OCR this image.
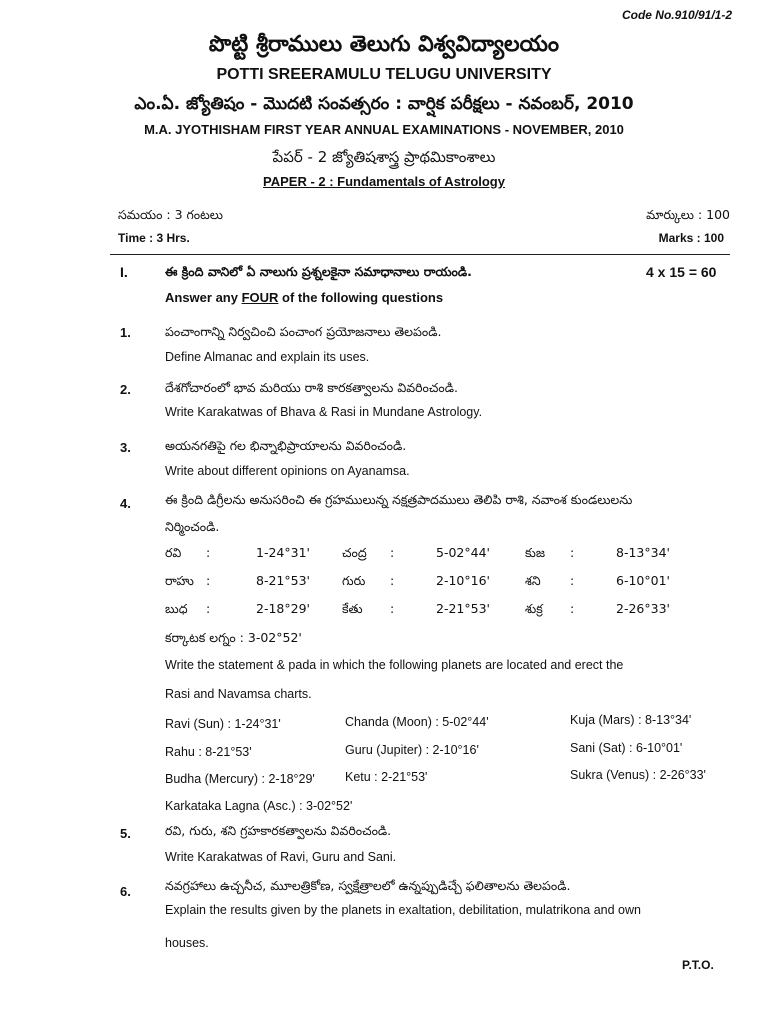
Code No.910/91/1-2
పొట్టి శ్రీరాములు తెలుగు విశ్వవిద్యాలయం
POTTI SREERAMULU TELUGU UNIVERSITY
ఎం.ఏ. జ్యోతిషం - మొదటి సంవత్సరం : వార్షిక పరీక్షలు - నవంబర్, 2010
M.A. JYOTHISHAM FIRST YEAR ANNUAL EXAMINATIONS - NOVEMBER, 2010
పేపర్ - 2 జ్యోతిషశాస్త్ర ప్రాథమికాంశాలు
PAPER - 2 : Fundamentals of Astrology
సమయం : 3 గంటలు
Time : 3 Hrs.
మార్కులు : 100
Marks : 100
I.	ఈ క్రింది వానిలో ఏ నాలుగు ప్రశ్నలకైనా సమాధానాలు రాయండి.	4 x 15 = 60
Answer any FOUR of the following questions
1.	పంచాంగాన్ని నిర్వచించి పంచాంగ ప్రయోజనాలు తెలపండి.
Define Almanac and explain its uses.
2.	దేశగోచారంలో భావ మరియు రాశి కారకత్వాలను వివరించండి.
Write Karakatwas of Bhava & Rasi in Mundane Astrology.
3.	అయనగతిపై గల భిన్నాభిప్రాయాలను వివరించండి.
Write about different opinions on Ayanamsa.
4.	ఈ క్రింది డిగ్రీలను అనుసరించి ఈ గ్రహములున్న నక్షత్రపాదములు తెలిపి రాశి, నవాంశ కుండలులను
నిర్మించండి.
రవి :	1-24°31'	చంద్ర :	5-02°44'	కుజ :	8-13°34'
రాహు :	8-21°53'	గురు :	2-10°16'	శని :	6-10°01'
బుధ :	2-18°29'	కేతు :	2-21°53'	శుక్ర :	2-26°33'
కర్కాటక లగ్నం : 3-02°52'
Write the statement & pada in which the following planets are located and erect the
Rasi and Navamsa charts.
Ravi (Sun) : 1-24°31'	Chanda (Moon) : 5-02°44'	Kuja (Mars) : 8-13°34'
Rahu : 8-21°53'	Guru (Jupiter) : 2-10°16'	Sani (Sat) : 6-10°01'
Budha (Mercury) : 2-18°29' Ketu : 2-21°53'	Sukra (Venus) : 2-26°33'
Karkataka Lagna (Asc.) : 3-02°52'
5.	రవి, గురు, శని గ్రహకారకత్వాలను వివరించండి.
Write Karakatwas of Ravi, Guru and Sani.
6.	నవగ్రహాలు ఉచ్చనీచ, మూలత్రికోణ, స్వక్షేత్రాలలో ఉన్నప్పుడిచ్చే ఫలితాలను తెలపండి.
Explain the results given by the planets in exaltation, debilitation, mulatrikona and own
houses.
P.T.O.
